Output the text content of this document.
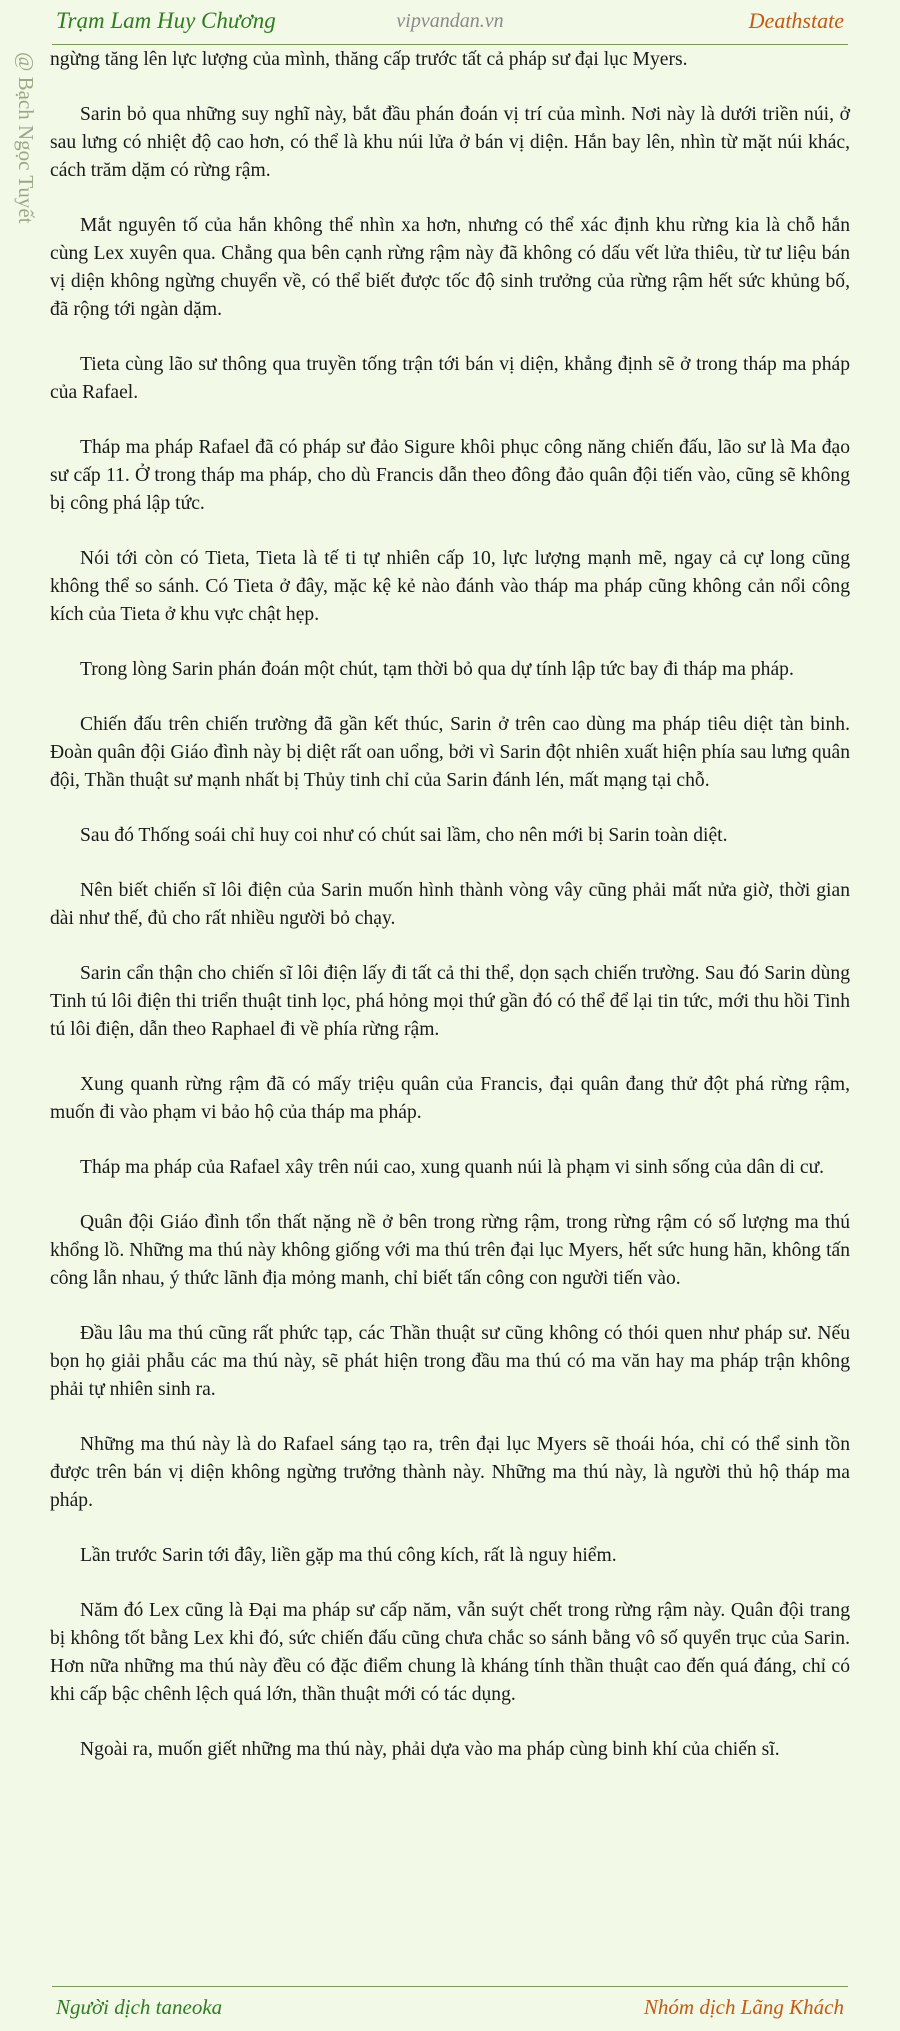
Trạm Lam Huy Chương	vipvandan.vn	Deathstate
@ Bạch Ngọc Tuyết ngừng tăng lên lực lượng của mình, thăng cấp trước tất cả pháp sư đại lục Myers.

Sarin bỏ qua những suy nghĩ này, bắt đầu phán đoán vị trí của mình. Nơi này là dưới triền núi, ở sau lưng có nhiệt độ cao hơn, có thể là khu núi lửa ở bán vị diện. Hắn bay lên, nhìn từ mặt núi khác, cách trăm dặm có rừng rậm.

Mắt nguyên tố của hắn không thể nhìn xa hơn, nhưng có thể xác định khu rừng kia là chỗ hắn cùng Lex xuyên qua. Chẳng qua bên cạnh rừng rậm này đã không có dấu vết lửa thiêu, từ tư liệu bán vị diện không ngừng chuyển về, có thể biết được tốc độ sinh trưởng của rừng rậm hết sức khủng bố, đã rộng tới ngàn dặm.

Tieta cùng lão sư thông qua truyền tống trận tới bán vị diện, khẳng định sẽ ở trong tháp ma pháp của Rafael.

Tháp ma pháp Rafael đã có pháp sư đảo Sigure khôi phục công năng chiến đấu, lão sư là Ma đạo sư cấp 11. Ở trong tháp ma pháp, cho dù Francis dẫn theo đông đảo quân đội tiến vào, cũng sẽ không bị công phá lập tức.

Nói tới còn có Tieta, Tieta là tế ti tự nhiên cấp 10, lực lượng mạnh mẽ, ngay cả cự long cũng không thể so sánh. Có Tieta ở đây, mặc kệ kẻ nào đánh vào tháp ma pháp cũng không cản nổi công kích của Tieta ở khu vực chật hẹp.

Trong lòng Sarin phán đoán một chút, tạm thời bỏ qua dự tính lập tức bay đi tháp ma pháp.

Chiến đấu trên chiến trường đã gần kết thúc, Sarin ở trên cao dùng ma pháp tiêu diệt tàn binh. Đoàn quân đội Giáo đình này bị diệt rất oan uổng, bởi vì Sarin đột nhiên xuất hiện phía sau lưng quân đội, Thần thuật sư mạnh nhất bị Thủy tinh chỉ của Sarin đánh lén, mất mạng tại chỗ.

Sau đó Thống soái chỉ huy coi như có chút sai lầm, cho nên mới bị Sarin toàn diệt.

Nên biết chiến sĩ lôi điện của Sarin muốn hình thành vòng vây cũng phải mất nửa giờ, thời gian dài như thế, đủ cho rất nhiều người bỏ chạy.

Sarin cẩn thận cho chiến sĩ lôi điện lấy đi tất cả thi thể, dọn sạch chiến trường. Sau đó Sarin dùng Tinh tú lôi điện thi triển thuật tinh lọc, phá hỏng mọi thứ gần đó có thể để lại tin tức, mới thu hồi Tinh tú lôi điện, dẫn theo Raphael đi về phía rừng rậm.

Xung quanh rừng rậm đã có mấy triệu quân của Francis, đại quân đang thử đột phá rừng rậm, muốn đi vào phạm vi bảo hộ của tháp ma pháp.

Tháp ma pháp của Rafael xây trên núi cao, xung quanh núi là phạm vi sinh sống của dân di cư.

Quân đội Giáo đình tổn thất nặng nề ở bên trong rừng rậm, trong rừng rậm có số lượng ma thú khổng lồ. Những ma thú này không giống với ma thú trên đại lục Myers, hết sức hung hãn, không tấn công lẫn nhau, ý thức lãnh địa mỏng manh, chỉ biết tấn công con người tiến vào.

Đầu lâu ma thú cũng rất phức tạp, các Thần thuật sư cũng không có thói quen như pháp sư. Nếu bọn họ giải phẫu các ma thú này, sẽ phát hiện trong đầu ma thú có ma văn hay ma pháp trận không phải tự nhiên sinh ra.

Những ma thú này là do Rafael sáng tạo ra, trên đại lục Myers sẽ thoái hóa, chỉ có thể sinh tồn được trên bán vị diện không ngừng trưởng thành này. Những ma thú này, là người thủ hộ tháp ma pháp.

Lần trước Sarin tới đây, liền gặp ma thú công kích, rất là nguy hiểm.

Năm đó Lex cũng là Đại ma pháp sư cấp năm, vẫn suýt chết trong rừng rậm này. Quân đội trang bị không tốt bằng Lex khi đó, sức chiến đấu cũng chưa chắc so sánh bằng vô số quyển trục của Sarin. Hơn nữa những ma thú này đều có đặc điểm chung là kháng tính thần thuật cao đến quá đáng, chỉ có khi cấp bậc chênh lệch quá lớn, thần thuật mới có tác dụng.

Ngoài ra, muốn giết những ma thú này, phải dựa vào ma pháp cùng binh khí của chiến sĩ.

Người dịch taneoka	Nhóm dịch Lãng Khách
